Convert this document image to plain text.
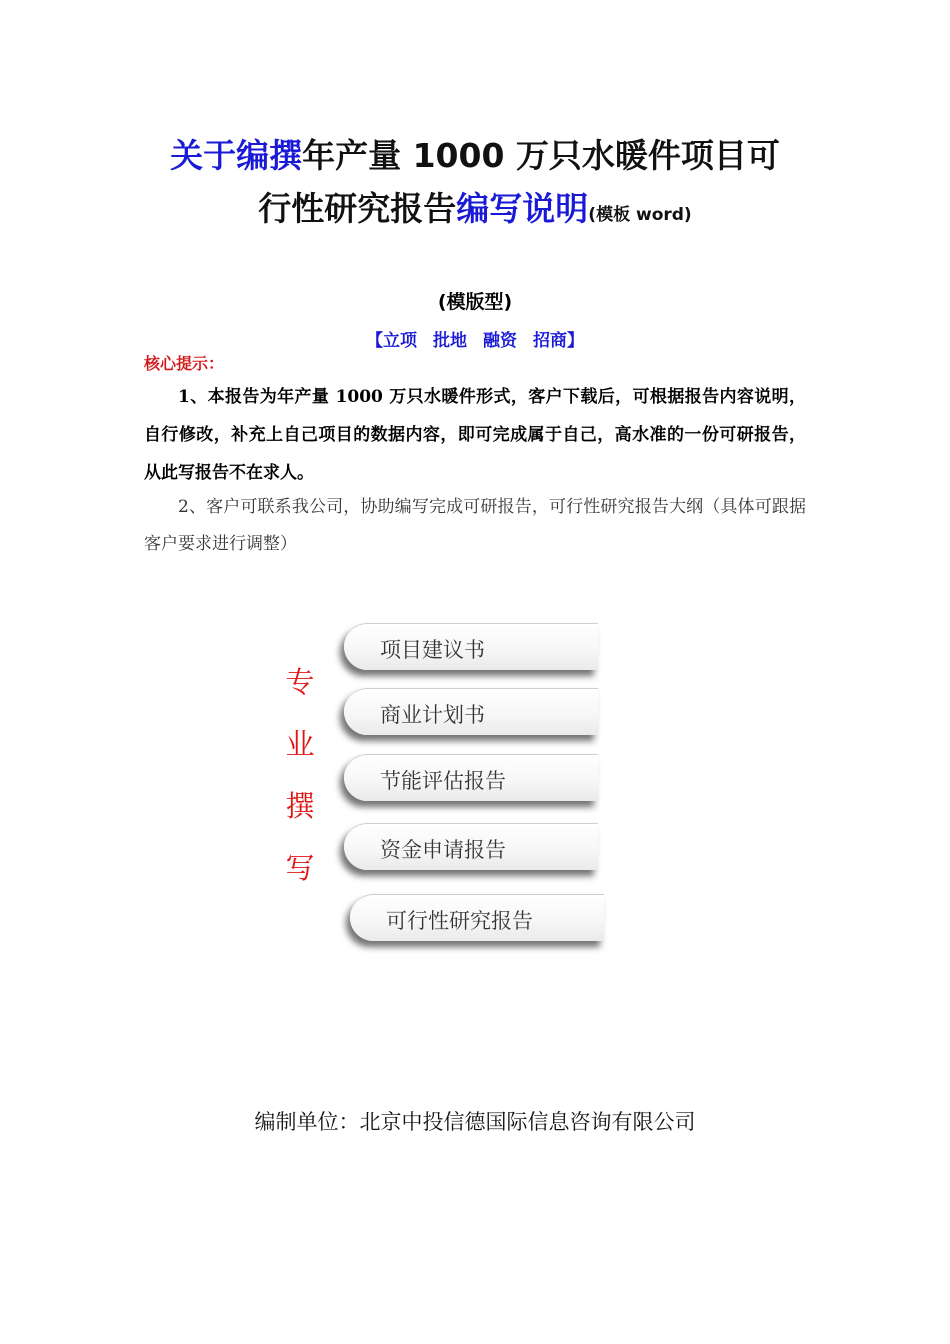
关于编撰年产量 1000 万只水暖件项目可
行性研究报告编写说明(模板 word)
(模版型)
【立项 批地 融资 招商】
核心提示：
1、本报告为年产量 1000 万只水暖件形式，客户下载后，可根据报告内容说明，自行修改，补充上自己项目的数据内容，即可完成属于自己，高水准的一份可研报告，从此写报告不在求人。
2、客户可联系我公司，协助编写完成可研报告，可行性研究报告大纲（具体可跟据客户要求进行调整）
专
业
撰
写
项目建议书
商业计划书
节能评估报告
资金申请报告
可行性研究报告
编制单位：北京中投信德国际信息咨询有限公司
